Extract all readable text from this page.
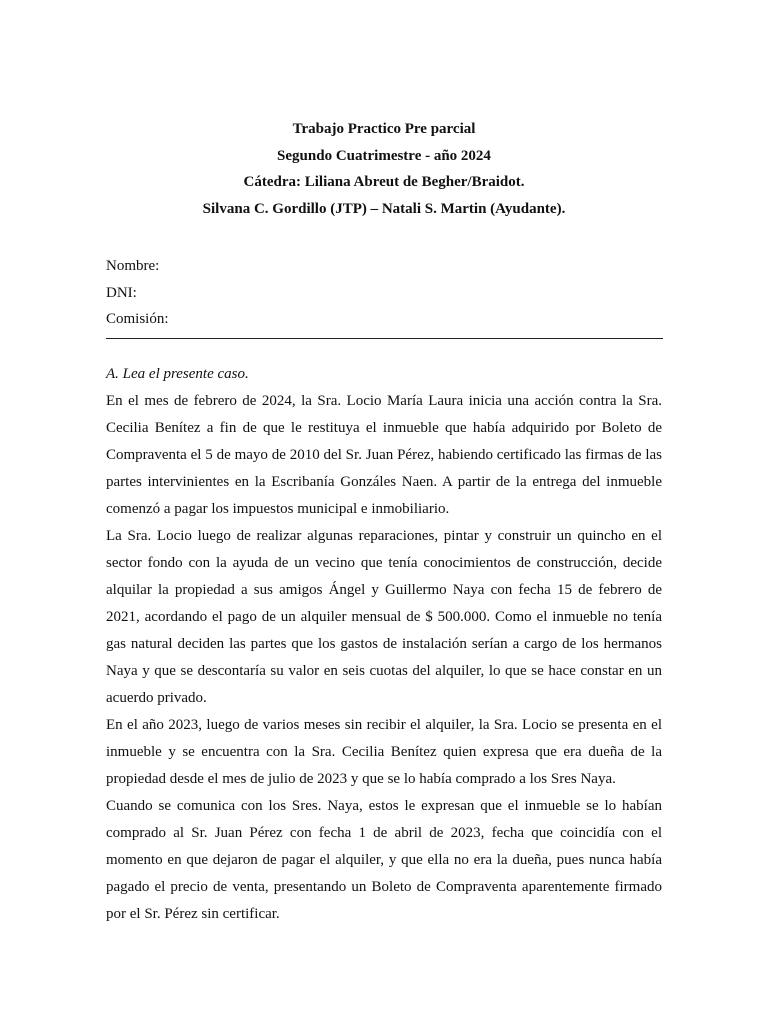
Trabajo Practico Pre parcial
Segundo Cuatrimestre - año 2024
Cátedra: Liliana Abreut de Begher/Braidot.
Silvana C. Gordillo (JTP) – Natali S. Martin (Ayudante).
Nombre:
DNI:
Comisión:

A. Lea el presente caso.

En el mes de febrero de 2024, la Sra. Locio María Laura inicia una acción contra la Sra. Cecilia Benítez a fin de que le restituya el inmueble que había adquirido por Boleto de Compraventa el 5 de mayo de 2010 del Sr. Juan Pérez, habiendo certificado las firmas de las partes intervinientes en la Escribanía Gonzáles Naen. A partir de la entrega del inmueble comenzó a pagar los impuestos municipal e inmobiliario.

La Sra. Locio luego de realizar algunas reparaciones, pintar y construir un quincho en el sector fondo con la ayuda de un vecino que tenía conocimientos de construcción, decide alquilar la propiedad a sus amigos Ángel y Guillermo Naya con fecha 15 de febrero de 2021, acordando el pago de un alquiler mensual de $ 500.000. Como el inmueble no tenía gas natural deciden las partes que los gastos de instalación serían a cargo de los hermanos Naya y que se descontaría su valor en seis cuotas del alquiler, lo que se hace constar en un acuerdo privado.

En el año 2023, luego de varios meses sin recibir el alquiler, la Sra. Locio se presenta en el inmueble y se encuentra con la Sra. Cecilia Benítez quien expresa que era dueña de la propiedad desde el mes de julio de 2023 y que se lo había comprado a los Sres Naya.

Cuando se comunica con los Sres. Naya, estos le expresan que el inmueble se lo habían comprado al Sr. Juan Pérez con fecha 1 de abril de 2023, fecha que coincidía con el momento en que dejaron de pagar el alquiler, y que ella no era la dueña, pues nunca había pagado el precio de venta, presentando un Boleto de Compraventa aparentemente firmado por el Sr. Pérez sin certificar.
